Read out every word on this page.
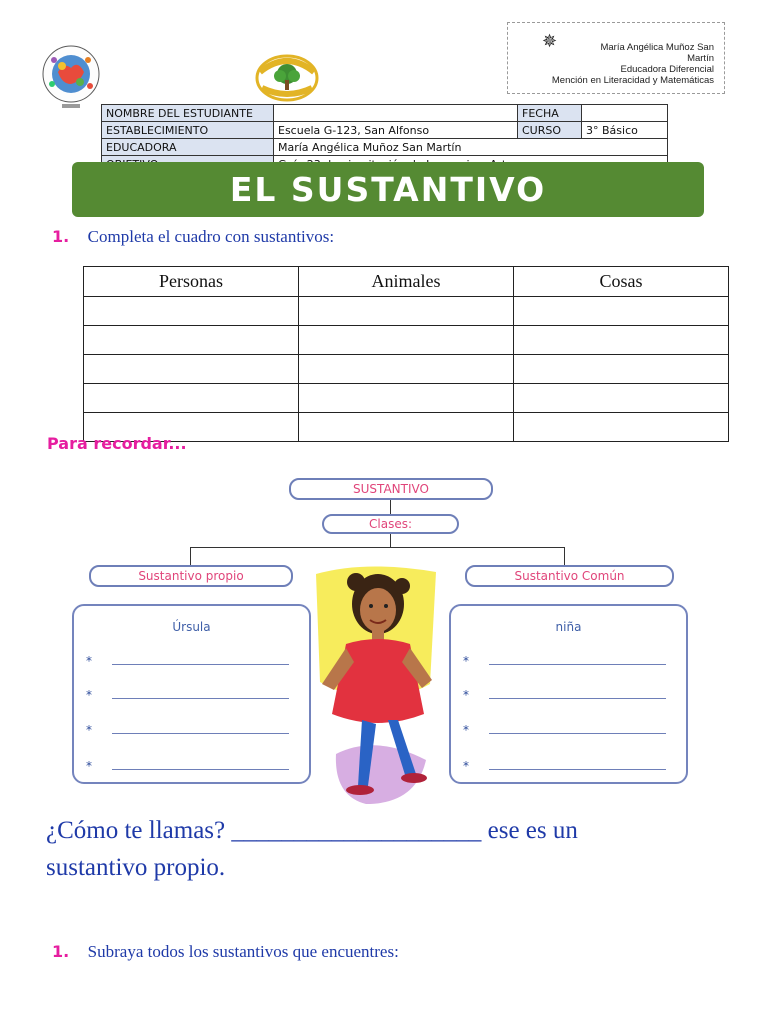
✵	María Angélica Muñoz San
Martín
Educadora Diferencial
Mención en Literacidad y Matemáticas
NOMBRE DEL ESTUDIANTE		FECHA	
ESTABLECIMIENTO	Escuela G-123, San Alfonso	CURSO	3° Básico
EDUCADORA	María Angélica Muñoz San Martín		

EL SUSTANTIVO
1. Completa el cuadro con sustantivos:
Personas	Animales	Cosas

Para recordar...
SUSTANTIVO
Clases:
Sustantivo propio	Sustantivo Común
Úrsula
*
*
*
*
niña
*
*
*
*
¿Cómo te llamas? ____________________ ese es un
sustantivo propio.
1. Subraya todos los sustantivos que encuentres:
